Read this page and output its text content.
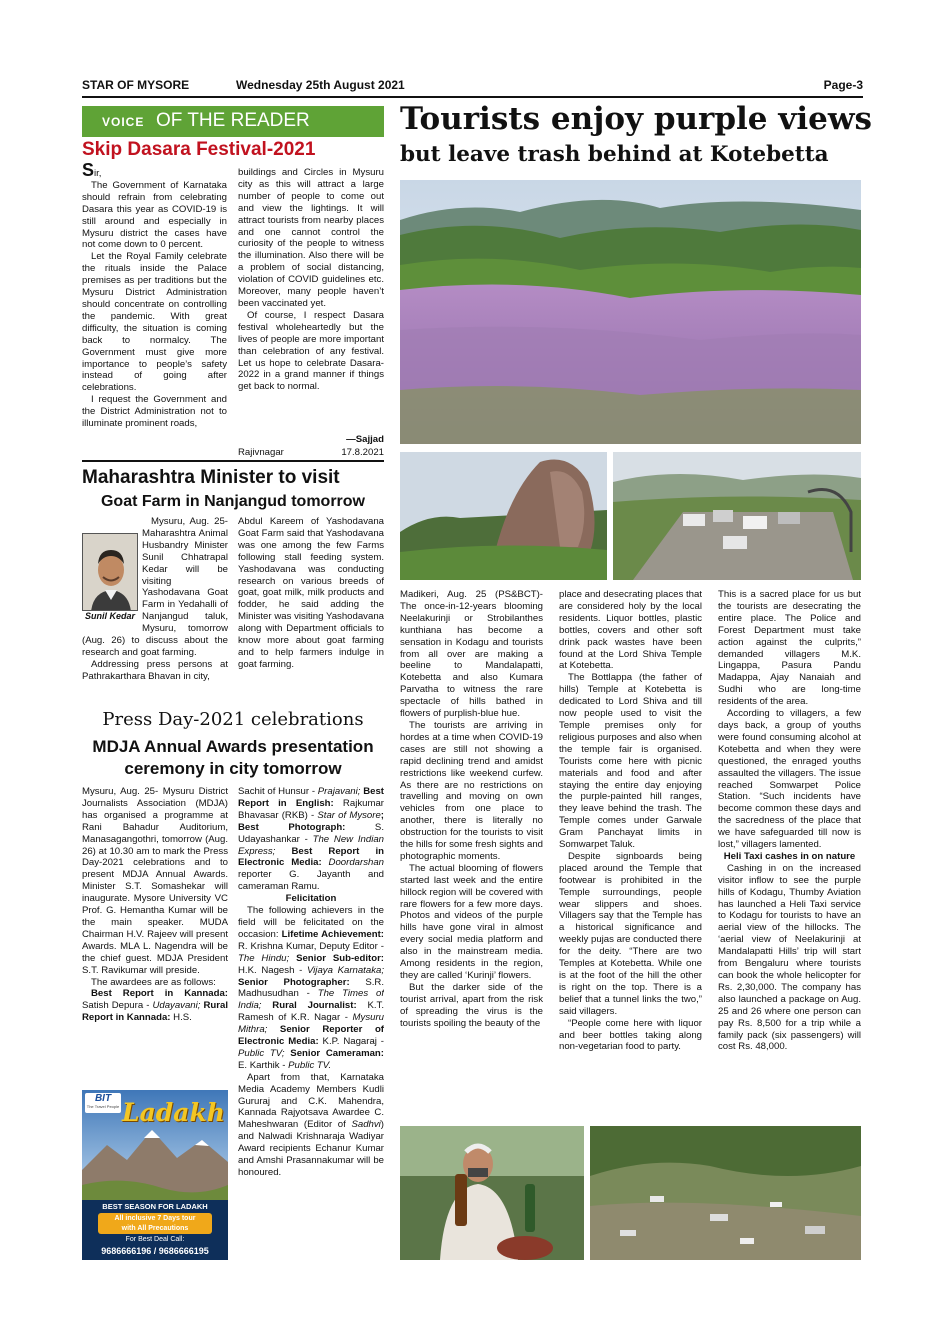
STAR OF MYSORE	Wednesday 25th August 2021	Page-3
VOICE OF THE READER
Skip Dasara Festival-2021

Sir,

The Government of Karnataka should refrain from celebrating Dasara this year as COVID-19 is still around and especially in Mysuru district the cases have not come down to 0 percent.

Let the Royal Family celebrate the rituals inside the Palace premises as per traditions but the Mysuru District Administration should concentrate on controlling the pandemic. With great difficulty, the situation is coming back to normalcy. The Government must give more importance to people’s safety instead of going after celebrations.

I request the Government and the District Administration not to illuminate prominent roads,

buildings and Circles in Mysuru city as this will attract a large number of people to come out and view the lightings. It will attract tourists from nearby places and one cannot control the curiosity of the people to witness the illumination. Also there will be a problem of social distancing, violation of COVID guidelines etc. Moreover, many people haven’t been vaccinated yet.

Of course, I respect Dasara festival wholeheartedly but the lives of people are more important than celebration of any festival. Let us hope to celebrate Dasara-2022 in a grand manner if things get back to normal.

—Sajjad
Rajivnagar	17.8.2021
Maharashtra Minister to visit
Goat Farm in Nanjangud tomorrow
Sunil Kedar

Mysuru, Aug. 25- Maharashtra Animal Husbandry Minister Sunil Chhatrapal Kedar will be visiting Yashodavana Goat Farm in Yedahalli of Nanjangud taluk, Mysuru, tomorrow (Aug. 26) to discuss about the research and goat farming.

Addressing press persons at Pathrakarthara Bhavan in city,

Abdul Kareem of Yashodavana Goat Farm said that Yashodavana was one among the few Farms following stall feeding system. Yashodavana was conducting research on various breeds of goat, goat milk, milk products and fodder, he said adding the Minister was visiting Yashodavana along with Department officials to know more about goat farming and to help farmers indulge in goat farming.

Press Day-2021 celebrations
MDJA Annual Awards presentation
ceremony in city tomorrow

Mysuru, Aug. 25- Mysuru District Journalists Association (MDJA) has organised a programme at Rani Bahadur Auditorium, Manasagangothri, tomorrow (Aug. 26) at 10.30 am to mark the Press Day-2021 celebrations and to present MDJA Annual Awards. Minister S.T. Somashekar will inaugurate. Mysore University VC Prof. G. Hemantha Kumar will be the main speaker. MUDA Chairman H.V. Rajeev will present Awards. MLA L. Nagendra will be the chief guest. MDJA President S.T. Ravikumar will preside.

The awardees are as follows:

Best Report in Kannada: Satish Depura - Udayavani; Rural Report in Kannada: H.S.

Sachit of Hunsur - Prajavani; Best Report in English: Rajkumar Bhavasar (RKB) - Star of Mysore; Best Photograph: S. Udayashankar - The New Indian Express; Best Report in Electronic Media: Doordarshan reporter G. Jayanth and cameraman Ramu.

Felicitation

The following achievers in the field will be felicitated on the occasion: Lifetime Achievement: R. Krishna Kumar, Deputy Editor - The Hindu; Senior Sub-editor: H.K. Nagesh - Vijaya Karnataka; Senior Photographer: S.R. Madhusudhan - The Times of India; Rural Journalist: K.T. Ramesh of K.R. Nagar - Mysuru Mithra; Senior Reporter of Electronic Media: K.P. Nagaraj - Public TV; Senior Cameraman: E. Karthik - Public TV.

Apart from that, Karnataka Media Academy Members Kudli Gururaj and C.K. Mahendra, Kannada Rajyotsava Awardee C. Maheshwaran (Editor of Sadhvi) and Nalwadi Krishnaraja Wadiyar Award recipients Echanur Kumar and Amshi Prasannakumar will be honoured.

BIT
The Travel People Ladakh
BEST SEASON FOR LADAKH
All inclusive 7 Days tour
with All Precautions
For Best Deal Call:
9686666196 / 9686666195
Tourists enjoy purple views
but leave trash behind at Kotebetta

Madikeri, Aug. 25 (PS&BCT)- The once-in-12-years blooming Neelakurinji or Strobilanthes kunthiana has become a sensation in Kodagu and tourists from all over are making a beeline to Mandalapatti, Kotebetta and also Kumara Parvatha to witness the rare spectacle of hills bathed in flowers of purplish-blue hue.

The tourists are arriving in hordes at a time when COVID-19 cases are still not showing a rapid declining trend and amidst restrictions like weekend curfew. As there are no restrictions on travelling and moving on own vehicles from one place to another, there is literally no obstruction for the tourists to visit the hills for some fresh sights and photographic moments.

The actual blooming of flowers started last week and the entire hillock region will be covered with rare flowers for a few more days. Photos and videos of the purple hills have gone viral in almost every social media platform and also in the mainstream media. Among residents in the region, they are called ‘Kurinji’ flowers.

But the darker side of the tourist arrival, apart from the risk of spreading the virus is the tourists spoiling the beauty of the

place and desecrating places that are considered holy by the local residents. Liquor bottles, plastic bottles, covers and other soft drink pack wastes have been found at the Lord Shiva Temple at Kotebetta.

The Bottlappa (the father of hills) Temple at Kotebetta is dedicated to Lord Shiva and till now people used to visit the Temple premises only for religious purposes and also when the temple fair is organised. Tourists come here with picnic materials and food and after staying the entire day enjoying the purple-painted hill ranges, they leave behind the trash. The Temple comes under Garwale Gram Panchayat limits in Somwarpet Taluk.

Despite signboards being placed around the Temple that footwear is prohibited in the Temple surroundings, people wear slippers and shoes. Villagers say that the Temple has a historical significance and weekly pujas are conducted there for the deity. “There are two Temples at Kotebetta. While one is at the foot of the hill the other is right on the top. There is a belief that a tunnel links the two,” said villagers.

“People come here with liquor and beer bottles taking along non-vegetarian food to party.

This is a sacred place for us but the tourists are desecrating the entire place. The Police and Forest Department must take action against the culprits,” demanded villagers M.K. Lingappa, Pasura Pandu Madappa, Ajay Nanaiah and Sudhi who are long-time residents of the area.

According to villagers, a few days back, a group of youths were found consuming alcohol at Kotebetta and when they were questioned, the enraged youths assaulted the villagers. The issue reached Somwarpet Police Station. “Such incidents have become common these days and the sacredness of the place that we have safeguarded till now is lost,” villagers lamented.

Heli Taxi cashes in on nature

Cashing in on the increased visitor inflow to see the purple hills of Kodagu, Thumby Aviation has launched a Heli Taxi service to Kodagu for tourists to have an aerial view of the hillocks. The ‘aerial view of Neelakurinji at Mandalapatti Hills’ trip will start from Bengaluru where tourists can book the whole helicopter for Rs. 2,30,000. The company has also launched a package on Aug. 25 and 26 where one person can pay Rs. 8,500 for a trip while a family pack (six passengers) will cost Rs. 48,000.
